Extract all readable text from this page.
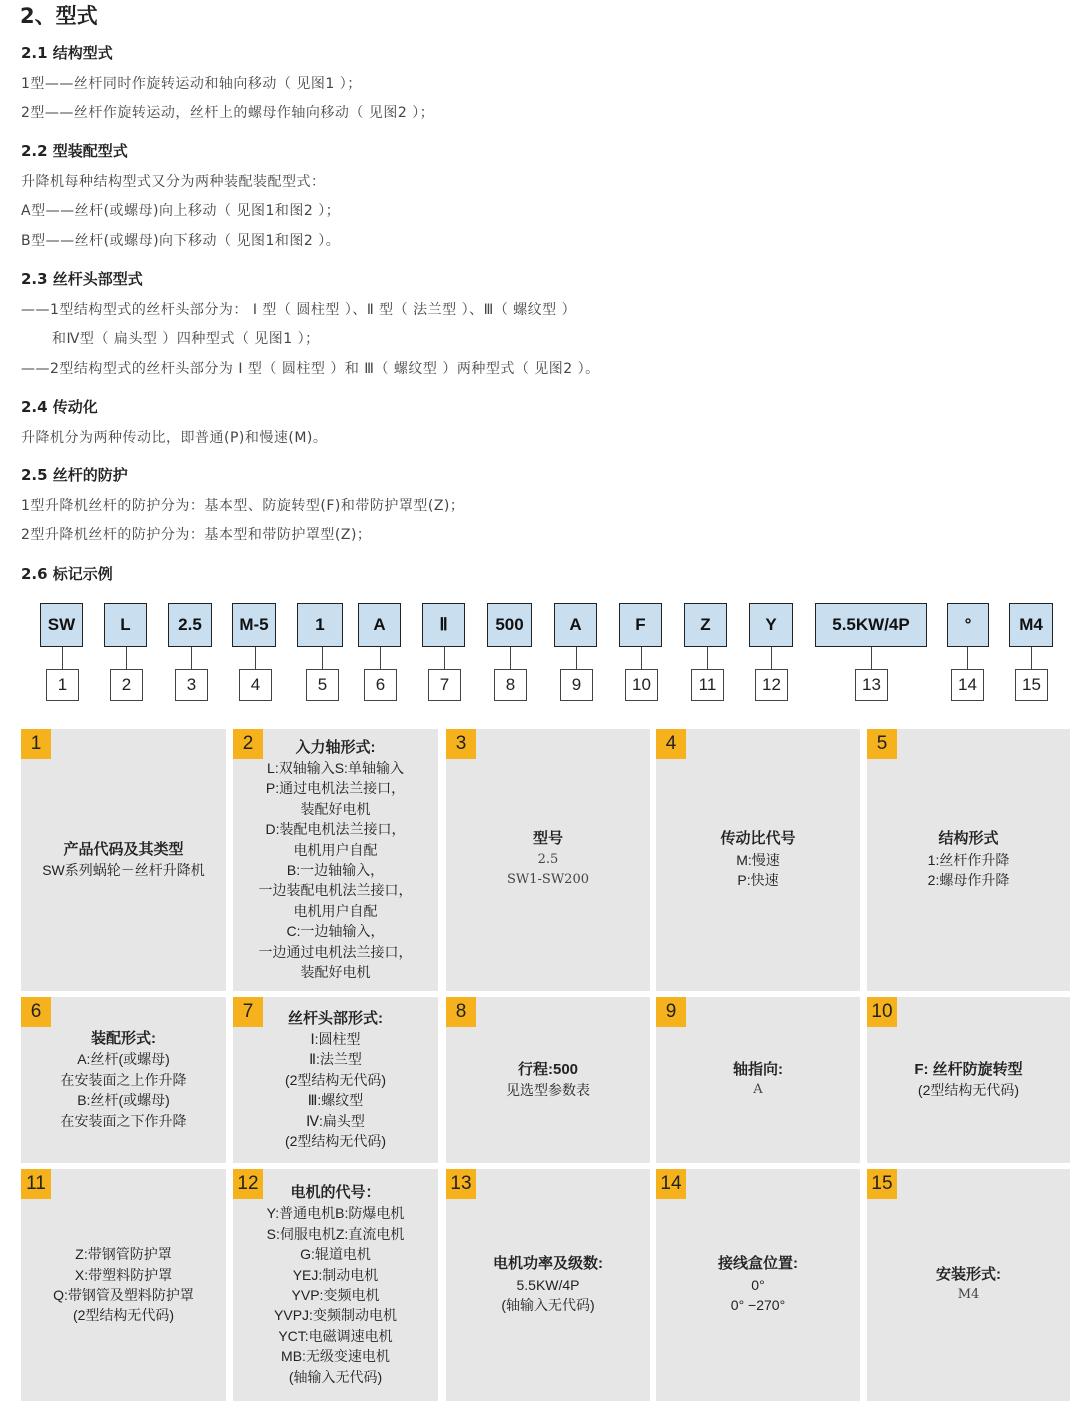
2、型式
2.1 结构型式
1型——丝杆同时作旋转运动和轴向移动（ 见图1 ）；
2型——丝杆作旋转运动，丝杆上的螺母作轴向移动（ 见图2 ）；
2.2 型装配型式
升降机每种结构型式又分为两种装配装配型式：
A型——丝杆(或螺母)向上移动（ 见图1和图2 ）；
B型——丝杆(或螺母)向下移动（ 见图1和图2 ）。
2.3 丝杆头部型式
——1型结构型式的丝杆头部分为： Ⅰ 型（ 圆柱型 ）、Ⅱ 型（ 法兰型 ）、Ⅲ（ 螺纹型 ）
和Ⅳ型（ 扁头型 ）四种型式（ 见图1 ）；
——2型结构型式的丝杆头部分为 Ⅰ 型（ 圆柱型 ）和 Ⅲ（ 螺纹型 ）两种型式（ 见图2 ）。
2.4 传动化
升降机分为两种传动比，即普通(P)和慢速(M)。
2.5 丝杆的防护
1型升降机丝杆的防护分为：基本型、防旋转型(F)和带防护罩型(Z)；
2型升降机丝杆的防护分为：基本型和带防护罩型(Z)；
2.6 标记示例
SW
1
L
2
2.5
3
M-5
4
1
5
A
6
Ⅱ
7
500
8
A
9
F
10
Z
11
Y
12
5.5KW/4P
13
°
14
M4
15
1
产品代码及其类型
SW系列蜗轮－丝杆升降机
2	入力轴形式:
L:双轴输入S:单轴输入
P:通过电机法兰接口，
装配好电机
D:装配电机法兰接口，
电机用户自配
B:一边轴输入，
一边装配电机法兰接口，
电机用户自配
C:一边轴输入，
一边通过电机法兰接口，
装配好电机
3
型号
2.5
SW1-SW200
4
传动比代号
M:慢速
P:快速
5
结构形式
1:丝杆作升降
2:螺母作升降
6
装配形式:
A:丝杆(或螺母)
在安装面之上作升降
B:丝杆(或螺母)
在安装面之下作升降
7	丝杆头部形式:
Ⅰ:圆柱型
Ⅱ:法兰型
(2型结构无代码)
Ⅲ:螺纹型
Ⅳ:扁头型
(2型结构无代码)
8
行程:500
见选型参数表
9
轴指向:
A
10
F: 丝杆防旋转型
(2型结构无代码)
11
Z:带钢管防护罩
X:带塑料防护罩
Q:带钢管及塑料防护罩
(2型结构无代码)
12	电机的代号：
Y:普通电机B:防爆电机
S:伺服电机Z:直流电机
G:辊道电机
YEJ:制动电机
YVP:变频电机
YVPJ:变频制动电机
YCT:电磁调速电机
MB:无级变速电机
(轴输入无代码)
13
电机功率及级数:
5.5KW/4P
(轴输入无代码)
14
接线盒位置:
0°
0° −270°
15
安装形式:
M4
